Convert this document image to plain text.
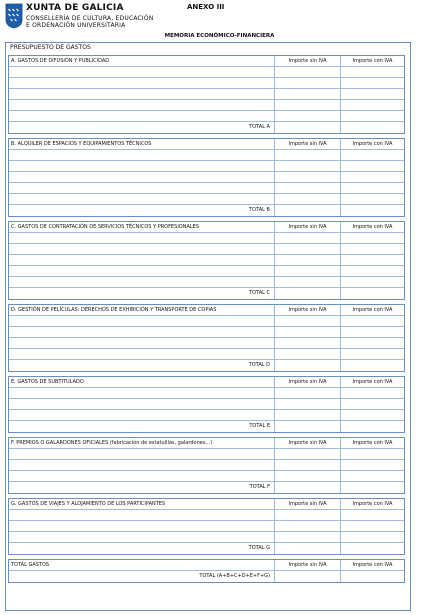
XUNTA DE GALICIA
CONSELLERÍA DE CULTURA, EDUCACIÓN
E ORDENACIÓN UNIVERSITARIA
ANEXO III
MEMORIA ECONÓMICO-FINANCIERA
PRESUPUESTO DE GASTOS
A. GASTOS DE DIFUSIÓN Y PUBLICIDAD	Importe sin IVA	Importe con IVA
TOTAL A
B. ALQUILER DE ESPACIOS Y EQUIPAMIENTOS TÉCNICOS	Importe sin IVA	Importe con IVA
TOTAL B
C. GASTOS DE CONTRATACIÓN DE SERVICIOS TÉCNICOS Y PROFESIONALES	Importe sin IVA	Importe con IVA
TOTAL C
D. GESTIÓN DE PELÍCULAS: DERECHOS DE EXHIBICIÓN Y TRANSPORTE DE COPIAS	Importe sin IVA	Importe con IVA
TOTAL D
E. GASTOS DE SUBTITULADO	Importe sin IVA	Importe con IVA
TOTAL E
F. PREMIOS O GALARDONES OFICIALES (fabricación de estatuillas, galardones...)	Importe sin IVA	Importe con IVA
TOTAL F
G. GASTOS DE VIAJES Y ALOJAMIENTO DE LOS PARTICIPANTES	Importe sin IVA	Importe con IVA
TOTAL G
TOTAL GASTOS	Importe sin IVA	Importe con IVA
TOTAL (A+B+C+D+E+F+G)
